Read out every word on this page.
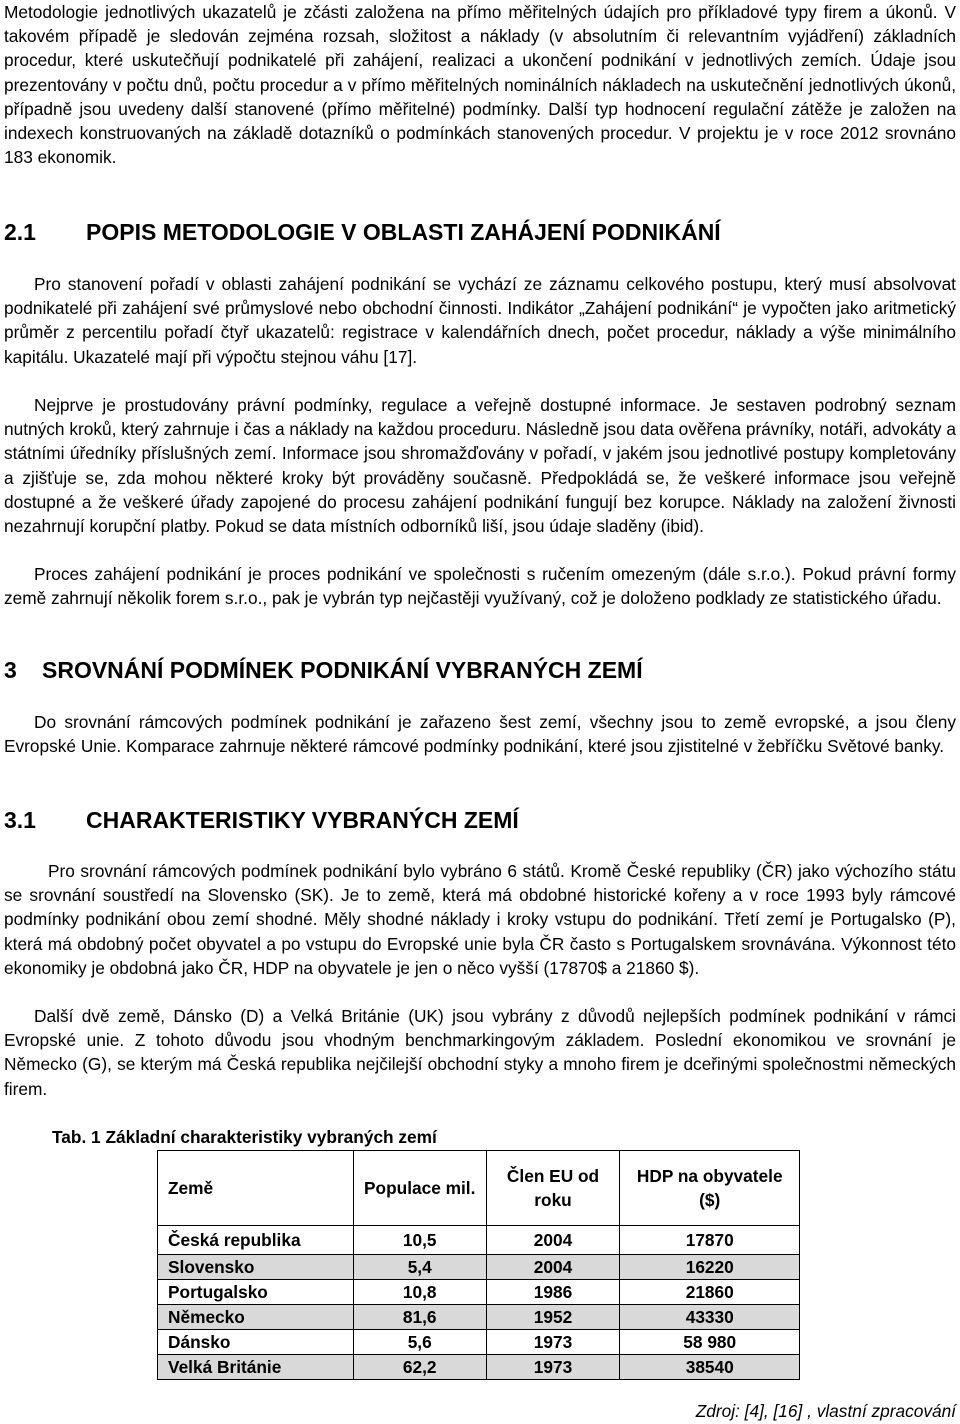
Metodologie jednotlivých ukazatelů je zčásti založena na přímo měřitelných údajích pro příkladové typy firem a úkonů. V takovém případě je sledován zejména rozsah, složitost a náklady (v absolutním či relevantním vyjádření) základních procedur, které uskutečňují podnikatelé při zahájení, realizaci a ukončení podnikání v jednotlivých zemích. Údaje jsou prezentovány v počtu dnů, počtu procedur a v přímo měřitelných nominálních nákladech na uskutečnění jednotlivých úkonů, případně jsou uvedeny další stanovené (přímo měřitelné) podmínky. Další typ hodnocení regulační zátěže je založen na indexech konstruovaných na základě dotazníků o podmínkách stanovených procedur. V projektu je v roce 2012 srovnáno 183 ekonomik.

2.1 POPIS METODOLOGIE V OBLASTI ZAHÁJENÍ PODNIKÁNÍ

Pro stanovení pořadí v oblasti zahájení podnikání se vychází ze záznamu celkového postupu, který musí absolvovat podnikatelé při zahájení své průmyslové nebo obchodní činnosti. Indikátor „Zahájení podnikání“ je vypočten jako aritmetický průměr z percentilu pořadí čtyř ukazatelů: registrace v kalendářních dnech, počet procedur, náklady a výše minimálního kapitálu. Ukazatelé mají při výpočtu stejnou váhu [17].

Nejprve je prostudovány právní podmínky, regulace a veřejně dostupné informace. Je sestaven podrobný seznam nutných kroků, který zahrnuje i čas a náklady na každou proceduru. Následně jsou data ověřena právníky, notáři, advokáty a státními úředníky příslušných zemí. Informace jsou shromažďovány v pořadí, v jakém jsou jednotlivé postupy kompletovány a zjišťuje se, zda mohou některé kroky být prováděny současně. Předpokládá se, že veškeré informace jsou veřejně dostupné a že veškeré úřady zapojené do procesu zahájení podnikání fungují bez korupce. Náklady na založení živnosti nezahrnují korupční platby. Pokud se data místních odborníků liší, jsou údaje sladěny (ibid).

Proces zahájení podnikání je proces podnikání ve společnosti s ručením omezeným (dále s.r.o.). Pokud právní formy země zahrnují několik forem s.r.o., pak je vybrán typ nejčastěji využívaný, což je doloženo podklady ze statistického úřadu.

3 SROVNÁNÍ PODMÍNEK PODNIKÁNÍ VYBRANÝCH ZEMÍ

Do srovnání rámcových podmínek podnikání je zařazeno šest zemí, všechny jsou to země evropské, a jsou členy Evropské Unie. Komparace zahrnuje některé rámcové podmínky podnikání, které jsou zjistitelné v žebříčku Světové banky.

3.1 CHARAKTERISTIKY VYBRANÝCH ZEMÍ

Pro srovnání rámcových podmínek podnikání bylo vybráno 6 států. Kromě České republiky (ČR) jako výchozího státu se srovnání soustředí na Slovensko (SK). Je to země, která má obdobné historické kořeny a v roce 1993 byly rámcové podmínky podnikání obou zemí shodné. Měly shodné náklady i kroky vstupu do podnikání. Třetí zemí je Portugalsko (P), která má obdobný počet obyvatel a po vstupu do Evropské unie byla ČR často s Portugalskem srovnávána. Výkonnost této ekonomiky je obdobná jako ČR, HDP na obyvatele je jen o něco vyšší (17870$ a 21860 $).

Další dvě země, Dánsko (D) a Velká Británie (UK) jsou vybrány z důvodů nejlepších podmínek podnikání v rámci Evropské unie. Z tohoto důvodu jsou vhodným benchmarkingovým základem. Poslední ekonomikou ve srovnání je Německo (G), se kterým má Česká republika nejčilejší obchodní styky a mnoho firem je dceřinými společnostmi německých firem.

Tab. 1 Základní charakteristiky vybraných zemí

Země	Populace mil.	Člen EU od roku	HDP na obyvatele ($)
Česká republika	10,5	2004	17870
Slovensko	5,4	2004	16220
Portugalsko	10,8	1986	21860
Německo	81,6	1952	43330
Dánsko	5,6	1973	58 980
Velká Británie	62,2	1973	38540

Zdroj: [4], [16] , vlastní zpracování
